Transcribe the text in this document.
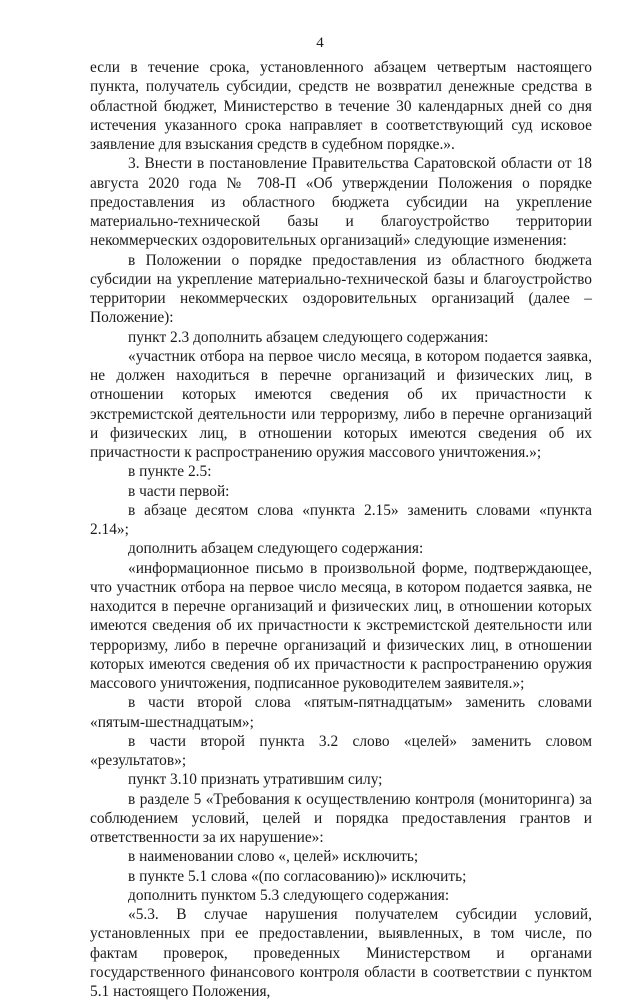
4

если в течение срока, установленного абзацем четвертым настоящего пункта, получатель субсидии, средств не возвратил денежные средства в областной бюджет, Министерство в течение 30 календарных дней со дня истечения указанного срока направляет в соответствующий суд исковое заявление для взыскания средств в судебном порядке.».

3. Внести в постановление Правительства Саратовской области от 18 августа 2020 года № 708-П «Об утверждении Положения о порядке предоставления из областного бюджета субсидии на укрепление материально-технической базы и благоустройство территории некоммерческих оздоровительных организаций» следующие изменения:

в Положении о порядке предоставления из областного бюджета субсидии на укрепление материально-технической базы и благоустройство территории некоммерческих оздоровительных организаций (далее – Положение):

пункт 2.3 дополнить абзацем следующего содержания:

«участник отбора на первое число месяца, в котором подается заявка, не должен находиться в перечне организаций и физических лиц, в отношении которых имеются сведения об их причастности к экстремистской деятельности или терроризму, либо в перечне организаций и физических лиц, в отношении которых имеются сведения об их причастности к распространению оружия массового уничтожения.»;

в пункте 2.5:

в части первой:

в абзаце десятом слова «пункта 2.15» заменить словами «пункта 2.14»;

дополнить абзацем следующего содержания:

«информационное письмо в произвольной форме, подтверждающее, что участник отбора на первое число месяца, в котором подается заявка, не находится в перечне организаций и физических лиц, в отношении которых имеются сведения об их причастности к экстремистской деятельности или терроризму, либо в перечне организаций и физических лиц, в отношении которых имеются сведения об их причастности к распространению оружия массового уничтожения, подписанное руководителем заявителя.»;

в части второй слова «пятым-пятнадцатым» заменить словами «пятым-шестнадцатым»;

в части второй пункта 3.2 слово «целей» заменить словом «результатов»;

пункт 3.10 признать утратившим силу;

в разделе 5 «Требования к осуществлению контроля (мониторинга) за соблюдением условий, целей и порядка предоставления грантов и ответственности за их нарушение»:

в наименовании слово «, целей» исключить;

в пункте 5.1 слова «(по согласованию)» исключить;

дополнить пунктом 5.3 следующего содержания:

«5.3. В случае нарушения получателем субсидии условий, установленных при ее предоставлении, выявленных, в том числе, по фактам проверок, проведенных Министерством и органами государственного финансового контроля области в соответствии с пунктом 5.1 настоящего Положения,
